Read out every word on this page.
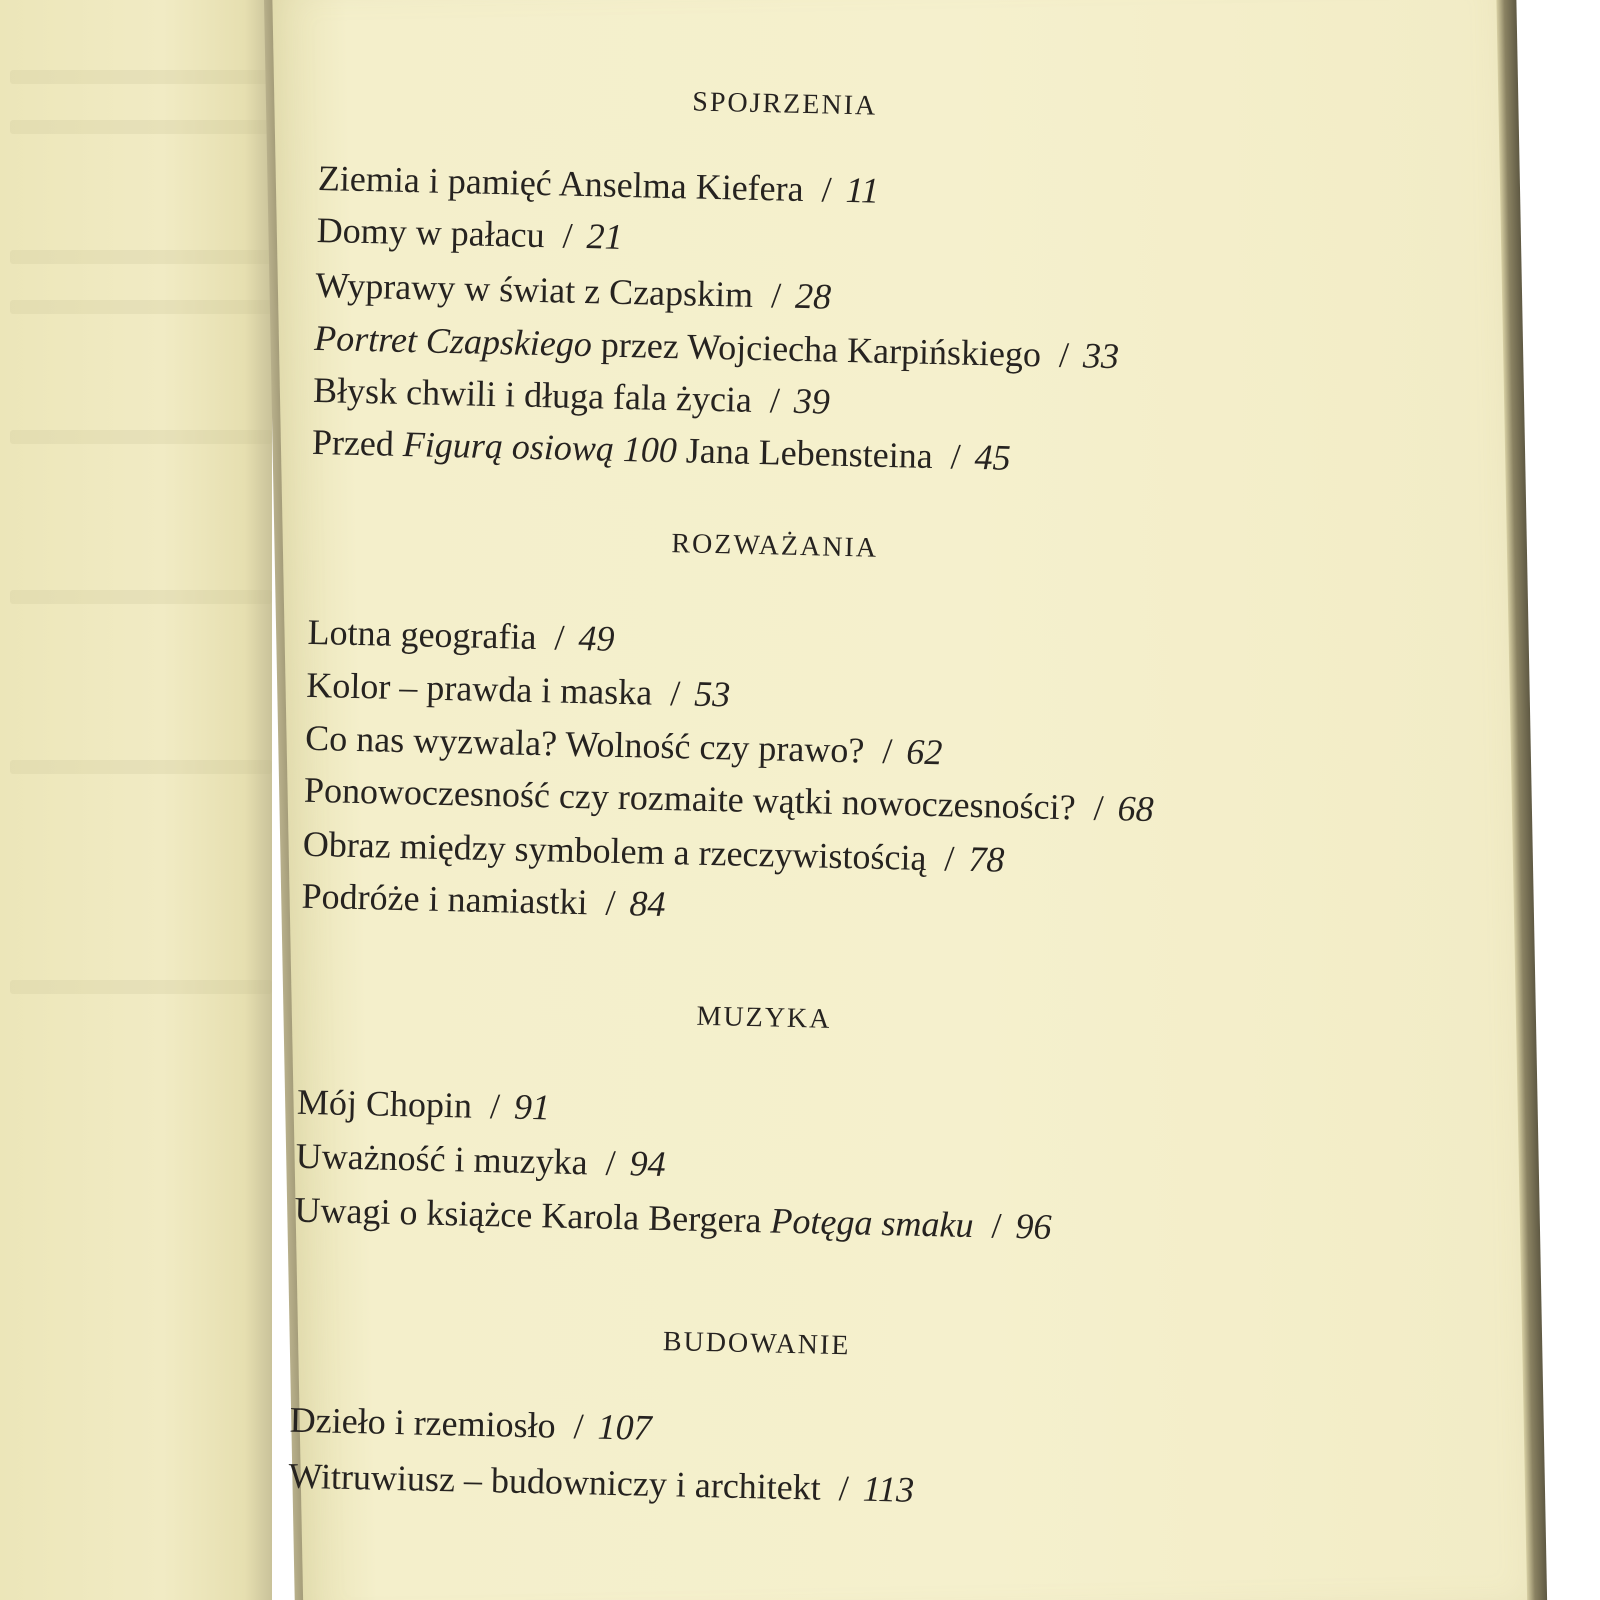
SPOJRZENIA
Ziemia i pamięć Anselma Kiefera / 11
Domy w pałacu / 21
Wyprawy w świat z Czapskim / 28
Portret Czapskiego przez Wojciecha Karpińskiego / 33
Błysk chwili i długa fala życia / 39
Przed Figurą osiową 100 Jana Lebensteina / 45
ROZWAŻANIA
Lotna geografia / 49
Kolor – prawda i maska / 53
Co nas wyzwala? Wolność czy prawo? / 62
Ponowoczesność czy rozmaite wątki nowoczesności? / 68
Obraz między symbolem a rzeczywistością / 78
Podróże i namiastki / 84
MUZYKA
Mój Chopin / 91
Uważność i muzyka / 94
Uwagi o książce Karola Bergera Potęga smaku / 96
BUDOWANIE
Dzieło i rzemiosło / 107
Witruwiusz – budowniczy i architekt / 113
